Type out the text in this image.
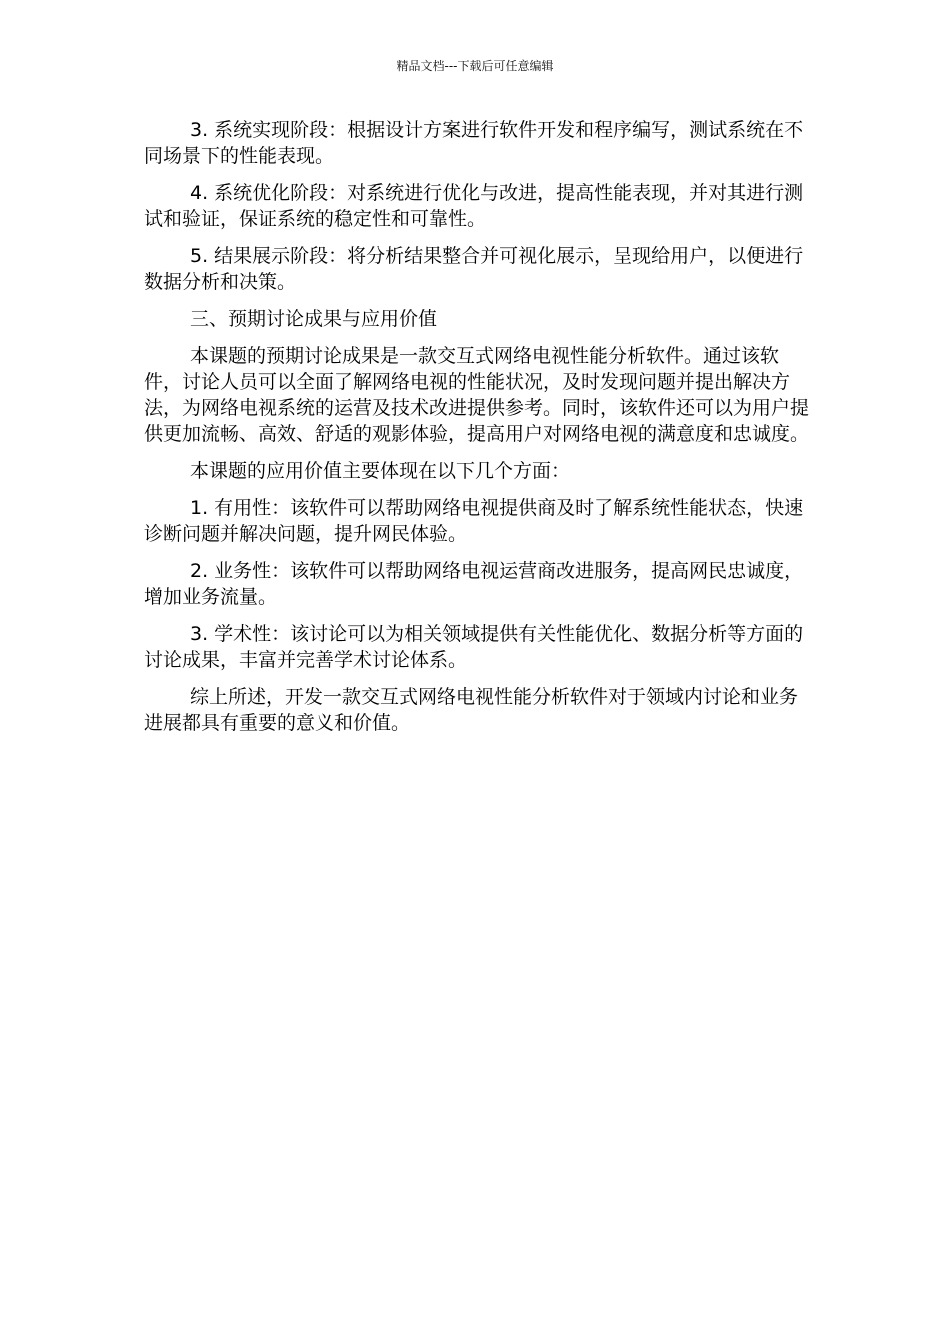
精品文档---下载后可任意编辑

3. 系统实现阶段：根据设计方案进行软件开发和程序编写，测试系统在不同场景下的性能表现。

4. 系统优化阶段：对系统进行优化与改进，提高性能表现，并对其进行测试和验证，保证系统的稳定性和可靠性。

5. 结果展示阶段：将分析结果整合并可视化展示，呈现给用户，以便进行数据分析和决策。

三、预期讨论成果与应用价值

本课题的预期讨论成果是一款交互式网络电视性能分析软件。通过该软件，讨论人员可以全面了解网络电视的性能状况，及时发现问题并提出解决方法，为网络电视系统的运营及技术改进提供参考。同时，该软件还可以为用户提供更加流畅、高效、舒适的观影体验，提高用户对网络电视的满意度和忠诚度。

本课题的应用价值主要体现在以下几个方面：

1. 有用性：该软件可以帮助网络电视提供商及时了解系统性能状态，快速诊断问题并解决问题，提升网民体验。

2. 业务性：该软件可以帮助网络电视运营商改进服务，提高网民忠诚度，增加业务流量。

3. 学术性：该讨论可以为相关领域提供有关性能优化、数据分析等方面的讨论成果，丰富并完善学术讨论体系。

综上所述，开发一款交互式网络电视性能分析软件对于领域内讨论和业务进展都具有重要的意义和价值。
